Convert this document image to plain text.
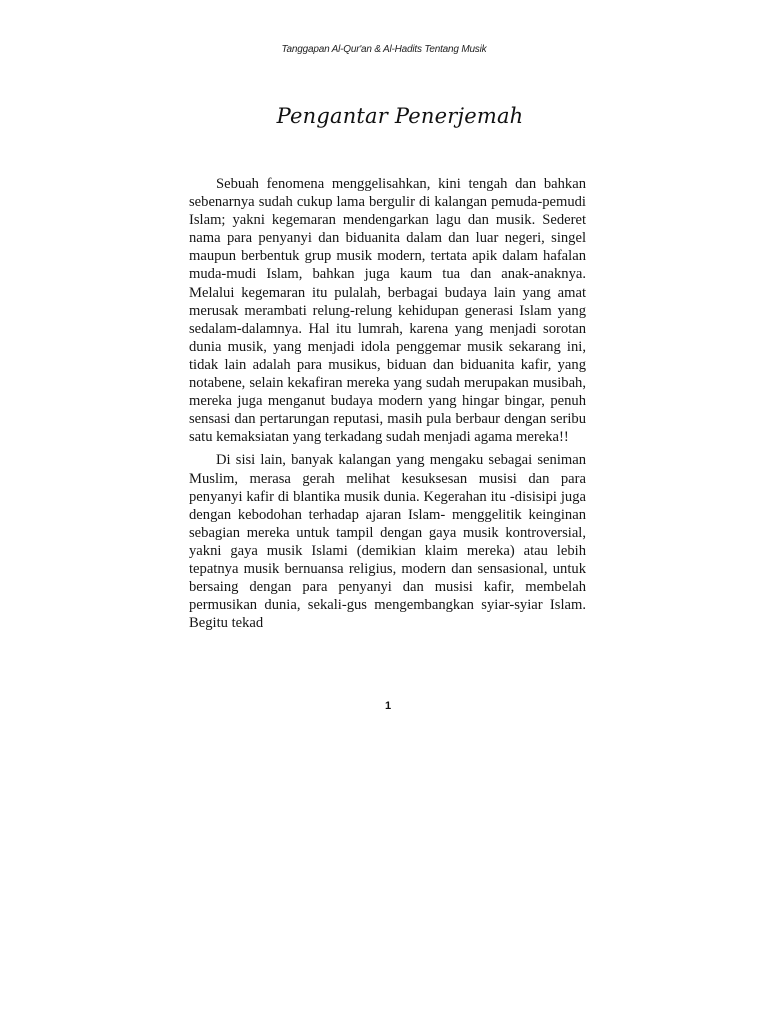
Tanggapan Al-Qur'an & Al-Hadits Tentang Musik
Pengantar Penerjemah

Sebuah fenomena menggelisahkan, kini tengah dan bahkan sebenarnya sudah cukup lama bergulir di kalangan pemuda-pemudi Islam; yakni kegemaran mendengarkan lagu dan musik. Sederet nama para penyanyi dan biduanita dalam dan luar negeri, singel maupun berbentuk grup musik modern, tertata apik dalam hafalan muda-mudi Islam, bahkan juga kaum tua dan anak-anaknya. Melalui kegemaran itu pulalah, berbagai budaya lain yang amat merusak merambati relung-relung kehidupan generasi Islam yang sedalam-dalamnya. Hal itu lumrah, karena yang menjadi sorotan dunia musik, yang menjadi idola penggemar musik sekarang ini, tidak lain adalah para musikus, biduan dan biduanita kafir, yang notabene, selain kekafiran mereka yang sudah merupakan musibah, mereka juga menganut budaya modern yang hingar bingar, penuh sensasi dan pertarungan reputasi, masih pula berbaur dengan seribu satu kemaksiatan yang terkadang sudah menjadi agama mereka!!

Di sisi lain, banyak kalangan yang mengaku sebagai seniman Muslim, merasa gerah melihat kesuksesan musisi dan para penyanyi kafir di blantika musik dunia. Kegerahan itu -disisipi juga dengan kebodohan terhadap ajaran Islam- menggelitik keinginan sebagian mereka untuk tampil dengan gaya musik kontroversial, yakni gaya musik Islami (demikian klaim mereka) atau lebih tepatnya musik bernuansa religius, modern dan sensasional, untuk bersaing dengan para penyanyi dan musisi kafir, membelah permusikan dunia, sekali-gus mengembangkan syiar-syiar Islam. Begitu tekad

1
